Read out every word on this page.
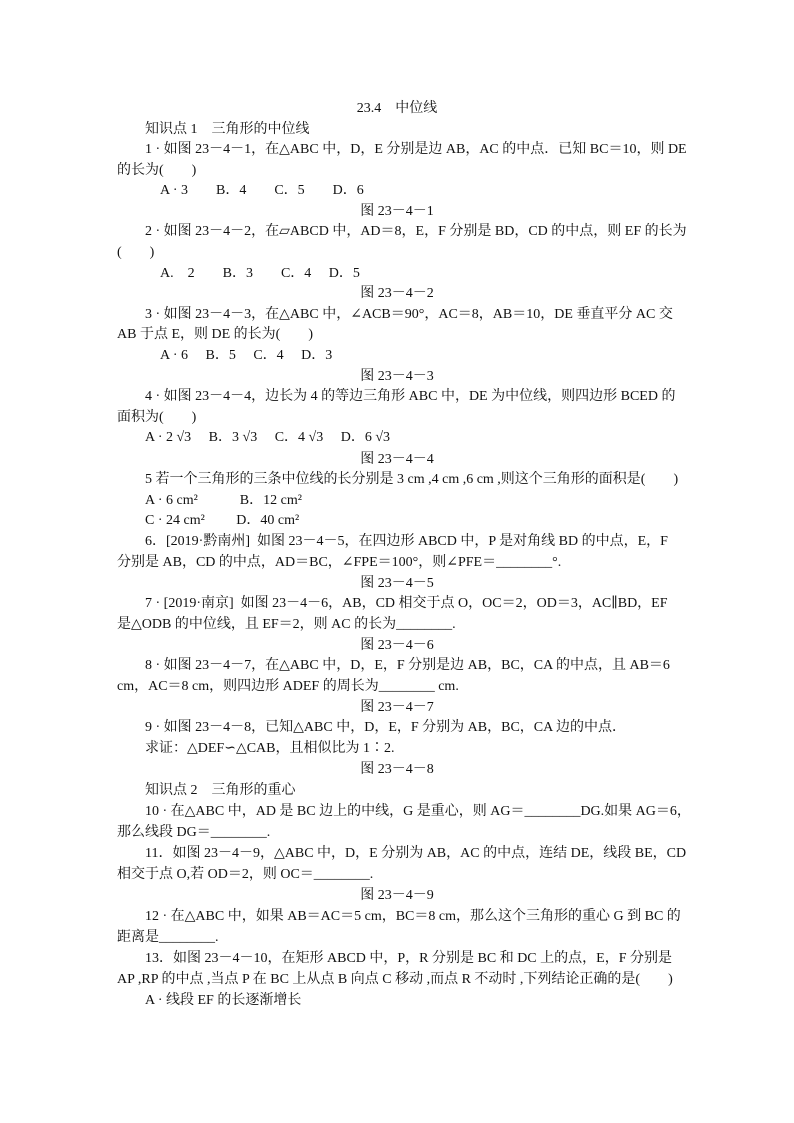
23.4　中位线
知识点 1　三角形的中位线
1 · 如图 23－4－1，在△ABC 中，D，E 分别是边 AB，AC 的中点．已知 BC＝10，则 DE
的长为(　　)
A · 3　　B．4　　C．5　　D．6
图 23－4－1
2 · 如图 23－4－2，在▱ABCD 中，AD＝8，E，F 分别是 BD，CD 的中点，则 EF 的长为
(　　)
A.　2　　B．3　　C．4　 D．5
图 23－4－2
3 · 如图 23－4－3，在△ABC 中，∠ACB＝90°，AC＝8，AB＝10，DE 垂直平分 AC 交
AB 于点 E，则 DE 的长为(　　)
A · 6　 B．5　 C．4　 D．3
图 23－4－3
4 · 如图 23－4－4，边长为 4 的等边三角形 ABC 中，DE 为中位线，则四边形 BCED 的
面积为(　　)
A · 2 √3　 B．3 √3　 C．4 √3　 D．6 √3
图 23－4－4
5 若一个三角形的三条中位线的长分别是 3 cm ,4 cm ,6 cm ,则这个三角形的面积是(　　)
A · 6 cm²　　　B．12 cm²
C · 24 cm²　　 D．40 cm²
6．[2019·黔南州]  如图 23－4－5，在四边形 ABCD 中，P 是对角线 BD 的中点，E，F
分别是 AB，CD 的中点，AD＝BC，∠FPE＝100°，则∠PFE＝________°.
图 23－4－5
7 · [2019·南京]  如图 23－4－6，AB，CD 相交于点 O，OC＝2，OD＝3，AC∥BD，EF
是△ODB 的中位线，且 EF＝2，则 AC 的长为________.
图 23－4－6
8 · 如图 23－4－7，在△ABC 中，D，E，F 分别是边 AB，BC，CA 的中点，且 AB＝6
cm，AC＝8 cm，则四边形 ADEF 的周长为________ cm.
图 23－4－7
9 · 如图 23－4－8，已知△ABC 中，D，E，F 分别为 AB，BC，CA 边的中点．
求证：△DEF∽△CAB，且相似比为 1∶2.
图 23－4－8
知识点 2　三角形的重心
10 · 在△ABC 中，AD 是 BC 边上的中线，G 是重心，则 AG＝________DG.如果 AG＝6，
那么线段 DG＝________.
11．如图 23－4－9，△ABC 中，D，E 分别为 AB，AC 的中点，连结 DE，线段 BE，CD
相交于点 O,若 OD＝2，则 OC＝________.
图 23－4－9
12 · 在△ABC 中，如果 AB＝AC＝5 cm，BC＝8 cm，那么这个三角形的重心 G 到 BC 的
距离是________.
13．如图 23－4－10，在矩形 ABCD 中，P，R 分别是 BC 和 DC 上的点，E，F 分别是
AP ,RP 的中点 ,当点 P 在 BC 上从点 B 向点 C 移动 ,而点 R 不动时 ,下列结论正确的是(　　)
A · 线段 EF 的长逐渐增长
